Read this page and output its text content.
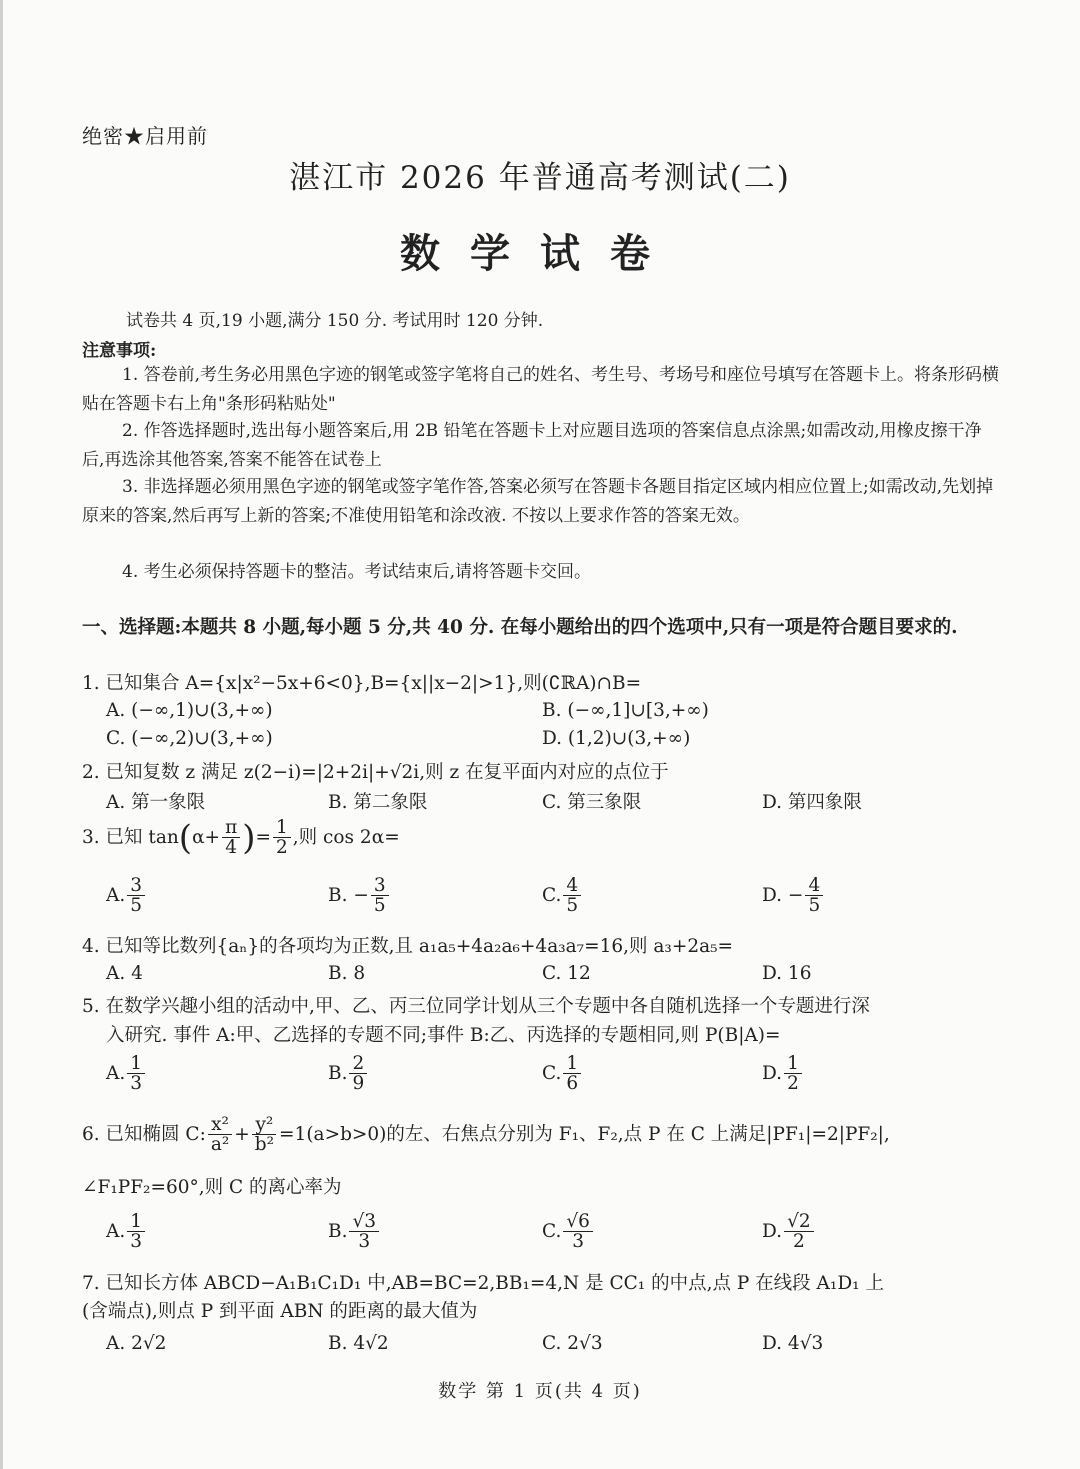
绝密★启用前
湛江市 2026 年普通高考测试(二)
数学试卷
试卷共 4 页,19 小题,满分 150 分. 考试用时 120 分钟.
注意事项:
1. 答卷前,考生务必用黑色字迹的钢笔或签字笔将自己的姓名、考生号、考场号和座位号填写在答题卡上。将条形码横贴在答题卡右上角"条形码粘贴处"
2. 作答选择题时,选出每小题答案后,用 2B 铅笔在答题卡上对应题目选项的答案信息点涂黑;如需改动,用橡皮擦干净后,再选涂其他答案,答案不能答在试卷上
3. 非选择题必须用黑色字迹的钢笔或签字笔作答,答案必须写在答题卡各题目指定区域内相应位置上;如需改动,先划掉原来的答案,然后再写上新的答案;不准使用铅笔和涂改液. 不按以上要求作答的答案无效。
4. 考生必须保持答题卡的整洁。考试结束后,请将答题卡交回。
一、选择题:本题共 8 小题,每小题 5 分,共 40 分. 在每小题给出的四个选项中,只有一项是符合题目要求的.
1. 已知集合 A={x|x²−5x+6<0},B={x||x−2|>1},则(∁ℝA)∩B=
A. (−∞,1)∪(3,+∞)	B. (−∞,1]∪[3,+∞)
C. (−∞,2)∪(3,+∞)	D. (1,2)∪(3,+∞)
2. 已知复数 z 满足 z(2−i)=|2+2i|+√2i,则 z 在复平面内对应的点位于
A. 第一象限	B. 第二象限	C. 第三象限	D. 第四象限
3. 已知 tan ( $\alpha+ \frac{\pi}{4}$ ) = $\frac{1}{2}$ ,则 cos 2α=
A. $\frac{3}{5}$	B. − $\frac{3}{5}$	C. $\frac{4}{5}$	D. − $\frac{4}{5}$
4. 已知等比数列{aₙ}的各项均为正数,且 a₁a₅+4a₂a₆+4a₃a₇=16,则 a₃+2a₅=
A. 4	B. 8	C. 12	D. 16
5. 在数学兴趣小组的活动中,甲、乙、丙三位同学计划从三个专题中各自随机选择一个专题进行深
入研究. 事件 A:甲、乙选择的专题不同;事件 B:乙、丙选择的专题相同,则 P(B|A)=
A. $\frac{1}{3}$	B. $\frac{2}{9}$	C. $\frac{1}{6}$	D. $\frac{1}{2}$
6. 已知椭圆 C: $\frac{\text{x²}}{\text{a²}} + \frac{\text{y²}}{\text{b²}} =1(a>b>0)$的左、右焦点分别为 F₁、F₂,点 P 在 C 上满足|PF₁|=2|PF₂|,
∠F₁PF₂=60°,则 C 的离心率为
A. $\frac{1}{3}$	B. $\frac{√3}{3}$	C. $\frac{√6}{3}$	D. $\frac{√2}{2}$
7. 已知长方体 ABCD−A₁B₁C₁D₁ 中,AB=BC=2,BB₁=4,N 是 CC₁ 的中点,点 P 在线段 A₁D₁ 上
(含端点),则点 P 到平面 ABN 的距离的最大值为
A. 2√2	B. 4√2	C. 2√3	D. 4√3
数学 第 1 页(共 4 页)
